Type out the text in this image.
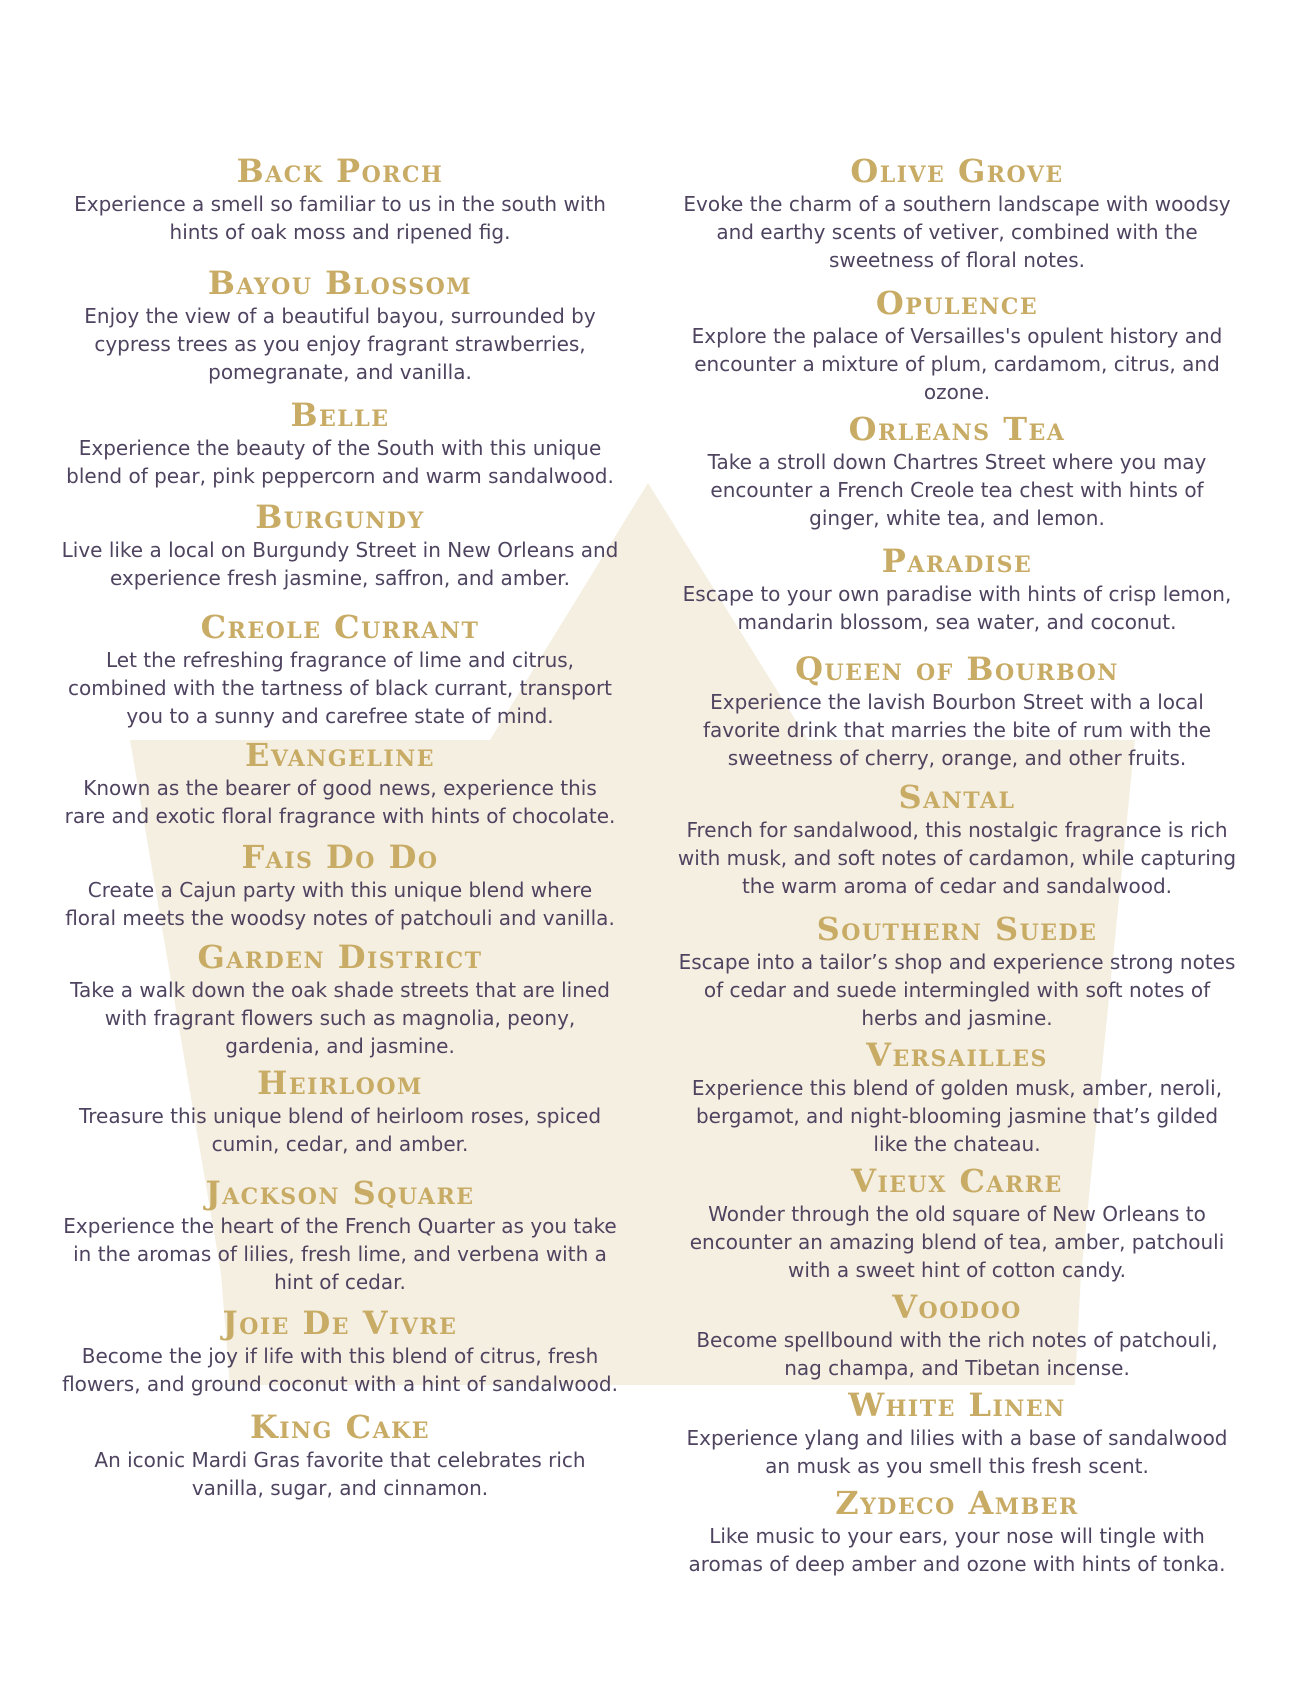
Back Porch

Experience a smell so familiar to us in the south with hints of oak moss and ripened fig.

Bayou Blossom

Enjoy the view of a beautiful bayou, surrounded by cypress trees as you enjoy fragrant strawberries, pomegranate, and vanilla.

Belle

Experience the beauty of the South with this unique blend of pear, pink peppercorn and warm sandalwood.

Burgundy

Live like a local on Burgundy Street in New Orleans and experience fresh jasmine, saffron, and amber.

Creole Currant

Let the refreshing fragrance of lime and citrus, combined with the tartness of black currant, transport you to a sunny and carefree state of mind.

Evangeline

Known as the bearer of good news, experience this rare and exotic floral fragrance with hints of chocolate.

Fais Do Do

Create a Cajun party with this unique blend where floral meets the woodsy notes of patchouli and vanilla.

Garden District

Take a walk down the oak shade streets that are lined with fragrant flowers such as magnolia, peony, gardenia, and jasmine.

Heirloom

Treasure this unique blend of heirloom roses, spiced cumin, cedar, and amber.

Jackson Square

Experience the heart of the French Quarter as you take in the aromas of lilies, fresh lime, and verbena with a hint of cedar.

Joie De Vivre

Become the joy if life with this blend of citrus, fresh flowers, and ground coconut with a hint of sandalwood.

King Cake

An iconic Mardi Gras favorite that celebrates rich vanilla, sugar, and cinnamon.

Olive Grove

Evoke the charm of a southern landscape with woodsy and earthy scents of vetiver, combined with the sweetness of floral notes.

Opulence

Explore the palace of Versailles's opulent history and encounter a mixture of plum, cardamom, citrus, and ozone.

Orleans Tea

Take a stroll down Chartres Street where you may encounter a French Creole tea chest with hints of ginger, white tea, and lemon.

Paradise

Escape to your own paradise with hints of crisp lemon, mandarin blossom, sea water, and coconut.

Queen of Bourbon

Experience the lavish Bourbon Street with a local favorite drink that marries the bite of rum with the sweetness of cherry, orange, and other fruits.

Santal

French for sandalwood, this nostalgic fragrance is rich with musk, and soft notes of cardamon, while capturing the warm aroma of cedar and sandalwood.

Southern Suede

Escape into a tailor’s shop and experience strong notes of cedar and suede intermingled with soft notes of herbs and jasmine.

Versailles

Experience this blend of golden musk, amber, neroli, bergamot, and night-blooming jasmine that’s gilded like the chateau.

Vieux Carre

Wonder through the old square of New Orleans to encounter an amazing blend of tea, amber, patchouli with a sweet hint of cotton candy.

Voodoo

Become spellbound with the rich notes of patchouli, nag champa, and Tibetan incense.

White Linen

Experience ylang and lilies with a base of sandalwood an musk as you smell this fresh scent.

Zydeco Amber

Like music to your ears, your nose will tingle with aromas of deep amber and ozone with hints of tonka.
